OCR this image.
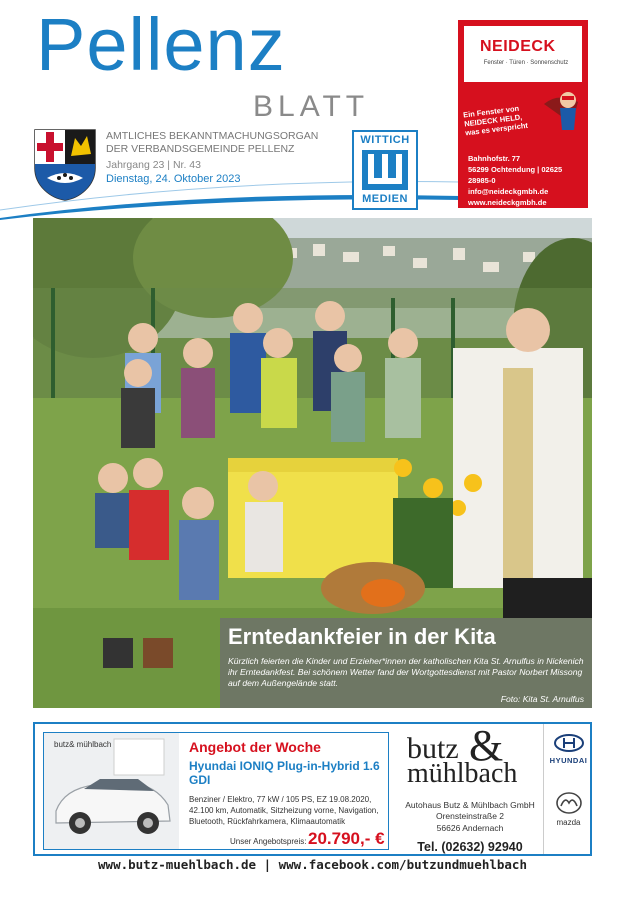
Pellenz
BLATT
AMTLICHES BEKANNTMACHUNGSORGAN
DER VERBANDSGEMEINDE PELLENZ
Jahrgang 23 | Nr. 43
Dienstag, 24. Oktober 2023
WITTICH
MEDIEN
NEIDECK
Fenster · Türen · Sonnenschutz
Ein Fenster von NEIDECK HELD, was es verspricht
Bahnhofstr. 77
56299 Ochtendung | 02625 28985-0
info@neideckgmbh.de
www.neideckgmbh.de
Erntedankfeier in der Kita
Kürzlich feierten die Kinder und Erzieher*innen der katholischen Kita St. Arnulfus in Nickenich ihr Erntedankfest. Bei schönem Wetter fand der Wortgottesdienst mit Pastor Norbert Missong auf dem Außengelände statt.
Foto: Kita St. Arnulfus
butz& mühlbach	Angebot der Woche
Hyundai IONIQ Plug-in-Hybrid 1.6 GDI
Benziner / Elektro, 77 kW / 105 PS, EZ 19.08.2020, 42.100 km, Automatik, Sitzheizung vorne, Navigation, Bluetooth, Rückfahrkamera, Klimaautomatik
Unser Angebotspreis: 20.790,- €
butz &
mühlbach
Autohaus Butz & Mühlbach GmbH
Orensteinstraße 2
56626 Andernach
Tel. (02632) 92940
HYUNDAI
mazda
www.butz-muehlbach.de | www.facebook.com/butzundmuehlbach
